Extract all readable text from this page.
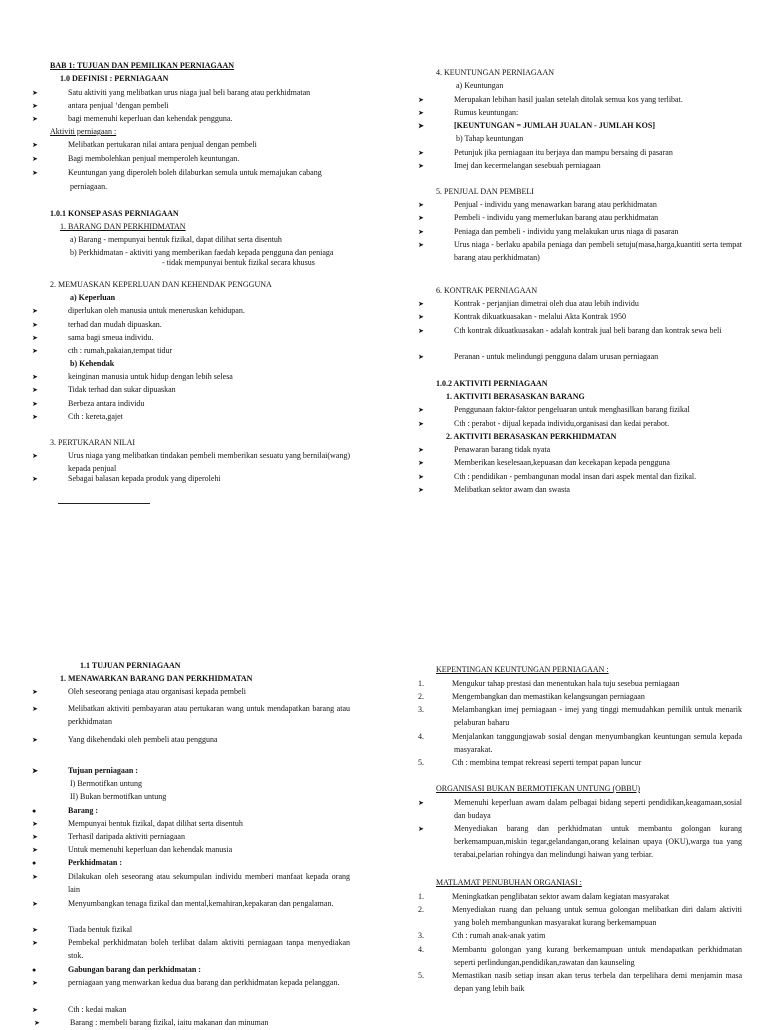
BAB 1: TUJUAN DAN PEMILIKAN PERNIAGAAN
1.0 DEFINISI : PERNIAGAAN
➤	Satu aktiviti yang melibatkan urus niaga jual beli barang atau perkhidmatan
➤	antara penjual ‘dengan pembeli
➤	bagi memenuhi keperluan dan kehendak pengguna.
Aktiviti perniagaan :
➤	Melibatkan pertukaran nilai antara penjual dengan pembeli
➤	Bagi membolehkan penjual memperoleh keuntungan.
➤	Keuntungan yang diperoleh boleh dilaburkan semula untuk memajukan cabang
perniagaan.
1.0.1 KONSEP ASAS PERNIAGAAN
1. BARANG DAN PERKHIDMATAN
a) Barang - mempunyai bentuk fizikal, dapat dilihat serta disentuh
b) Perkhidmatan - aktiviti yang memberikan faedah kepada pengguna dan peniaga
- tidak mempunyai bentuk fizikal secara khusus
2. MEMUASKAN KEPERLUAN DAN KEHENDAK PENGGUNA
a) Keperluan
➤	diperlukan oleh manusia untuk meneruskan kehidupan.
➤	terhad dan mudah dipuaskan.
➤	sama bagi smeua individu.
➤	cth : rumah,pakaian,tempat tidur
b) Kehendak
➤	keinginan manusia untuk hidup dengan lebih selesa
➤	Tidak terhad dan sukar dipuaskan
➤	Berbeza antara individu
➤	Cth : kereta,gajet
3. PERTUKARAN NILAI
➤	Urus niaga yang melibatkan tindakan pembeli memberikan sesuatu yang bernilai(wang) kepada penjual
➤	Sebagai balasan kepada produk yang diperolehi
4. KEUNTUNGAN PERNIAGAAN
a) Keuntungan
➤	Merupakan lebihan hasil jualan setelah ditolak semua kos yang terlibat.
➤	Rumus keuntungan:
➤	[KEUNTUNGAN = JUMLAH JUALAN - JUMLAH KOS]
b) Tahap keuntungan
➤	Petunjuk jika perniagaan itu berjaya dan mampu bersaing di pasaran
➤	Imej dan kecermelangan sesebuah perniagaan
5. PENJUAL DAN PEMBELI
➤	Penjual - individu yang menawarkan barang atau perkhidmatan
➤	Pembeli - individu yang memerlukan barang atau perkhidmatan
➤	Peniaga dan pembeli - individu yang melakukan urus niaga di pasaran
➤	Urus niaga - berlaku apabila peniaga dan pembeli setuju(masa,harga,kuantiti serta tempat barang atau perkhidmatan)
6. KONTRAK PERNIAGAAN
➤	Kontrak - perjanjian dimetrai oleh dua atau lebih individu
➤	Kontrak dikuatkuasakan - melalui Akta Kontrak 1950
➤	Cth kontrak dikuatkuasakan - adalah kontrak jual beli barang dan kontrak sewa beli
➤	Peranan - untuk melindungi pengguna dalam urusan perniagaan
1.0.2 AKTIVITI PERNIAGAAN
1. AKTIVITI BERASASKAN BARANG
➤	Penggunaan faktor-faktor pengeluaran untuk menghasilkan barang fizikal
➤	Cth : perabot - dijual kepada individu,organisasi dan kedai perabot.
2. AKTIVITI BERASASKAN PERKHIDMATAN
➤	Penawaran barang tidak nyata
➤	Memberikan keselesaan,kepuasan dan kecekapan kepada pengguna
➤	Cth : pendidikan - pembangunan modal insan dari aspek mental dan fizikal.
➤	Melibatkan sektor awam dan swasta
1.1 TUJUAN PERNIAGAAN
1. MENAWARKAN BARANG DAN PERKHIDMATAN
➤	Oleh seseorang peniaga atau organisasi kepada pembeli
➤	Melibatkan aktiviti pembayaran atau pertukaran wang untuk mendapatkan barang atau perkhidmatan
➤	Yang dikehendaki oleh pembeli atau pengguna
➤	Tujuan perniagaan :
I) Bermotifkan untung
II) Bukan bermotifkan untung
●	Barang :
➤	Mempunyai bentuk fizikal, dapat dilihat serta disentuh
➤	Terhasil daripada aktiviti perniagaan
➤	Untuk memenuhi keperluan dan kehendak manusia
●	Perkhidmatan :
➤	Dilakukan oleh seseorang atau sekumpulan individu memberi manfaat kepada orang lain
➤	Menyumbangkan tenaga fizikal dan mental,kemahiran,kepakaran dan pengalaman.
➤	Tiada bentuk fizikal
➤	Pembekal perkhidmatan boleh terlibat dalam aktiviti perniagaan tanpa menyediakan stok.
●	Gabungan barang dan perkhidmatan :
➤	perniagaan yang menwarkan kedua dua barang dan perkhidmatan kepada pelanggan.
➤	Cth : kedai makan
➤	Barang : membeli barang fizikal, iaitu makanan dan minuman
KEPENTINGAN KEUNTUNGAN PERNIAGAAN :
1.	Mengukur tahap prestasi dan menentukan hala tuju sesebua perniagaan
2.	Mengembangkan dan memastikan kelangsungan perniagaan
3.	Melambangkan imej perniagaan - imej yang tinggi memudahkan pemilik untuk menarik pelaburan baharu
4.	Menjalankan tanggungjawab sosial dengan menyumbangkan keuntungan semula kepada masyarakat.
5.	Cth : membina tempat rekreasi seperti tempat papan luncur
ORGANISASI BUKAN BERMOTIFKAN UNTUNG (OBBU)
➤	Memenuhi keperluan awam dalam pelbagai bidang seperti pendidikan,keagamaan,sosial dan budaya
➤	Menyediakan barang dan perkhidmatan untuk membantu golongan kurang berkemampuan,miskin tegar,gelandangan,orang kelainan upaya (OKU),warga tua yang terabai,pelarian rohingya dan melindungi haiwan yang terbiar.
MATLAMAT PENUBUHAN ORGANIASI :
1.	Meningkatkan penglibatan sektor awam dalam kegiatan masyarakat
2.	Menyediakan ruang dan peluang untuk semua golongan melibatkan diri dalam aktiviti yang boleh membangunkan masyarakat kurang berkemampuan
3.	Cth : rumah anak-anak yatim
4.	Membantu golongan yang kurang berkemampuan untuk mendapatkan perkhidmatan seperti perlindungan,pendidikan,rawatan dan kaunseling
5.	Memastikan nasib setiap insan akan terus terbela dan terpelihara demi menjamin masa depan yang lebih baik
